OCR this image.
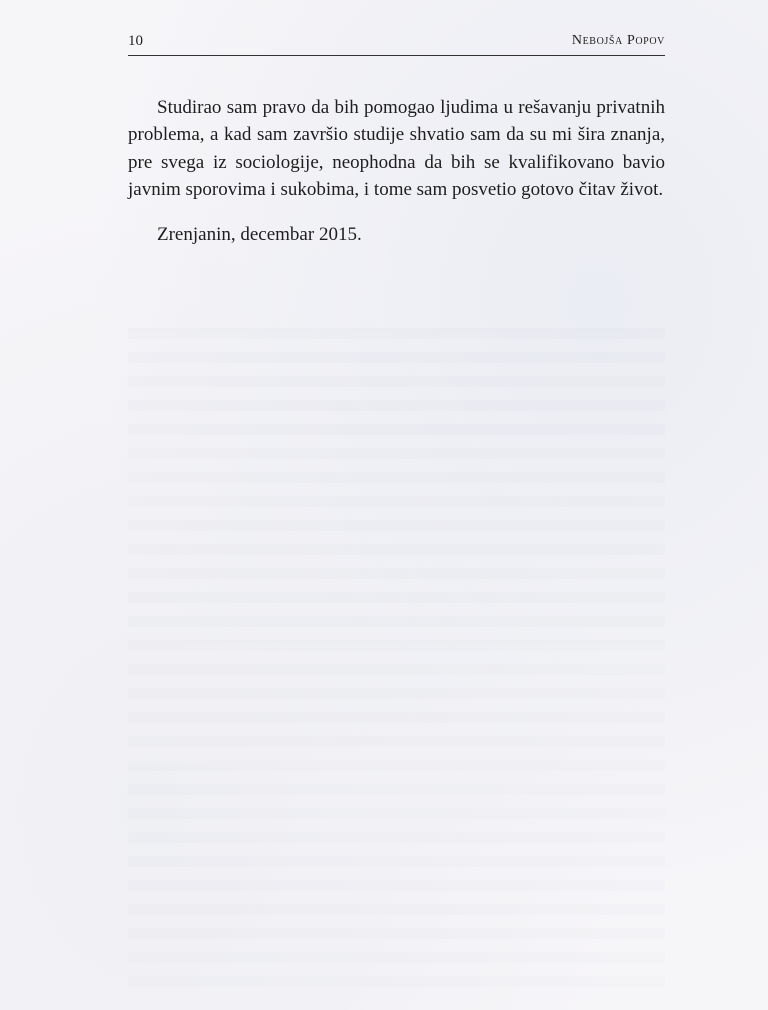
10	Nebojša Popov

Studirao sam pravo da bih pomogao ljudima u rešavanju privatnih problema, a kad sam završio studije shvatio sam da su mi šira znanja, pre svega iz sociologije, neophodna da bih se kvalifikovano bavio javnim sporovima i sukobima, i tome sam posvetio gotovo čitav život.

Zrenjanin, decembar 2015.
